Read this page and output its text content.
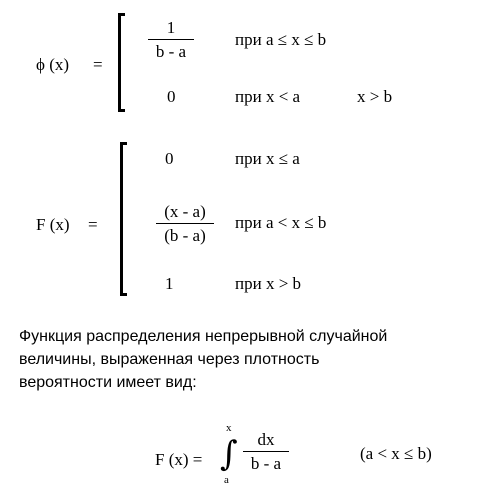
ϕ (x) =
1
b - a
при a ≤ x ≤ b
0	при x < a	x > b
F (x) =
0	при x ≤ a
(x - a)
(b - a)
при a < x ≤ b
1	при x > b
Функция распределения непрерывной случайной
величины, выраженная через плотность
вероятности имеет вид:
F (x) =
x
∫
a
dx
b - a
(a < x ≤ b)
